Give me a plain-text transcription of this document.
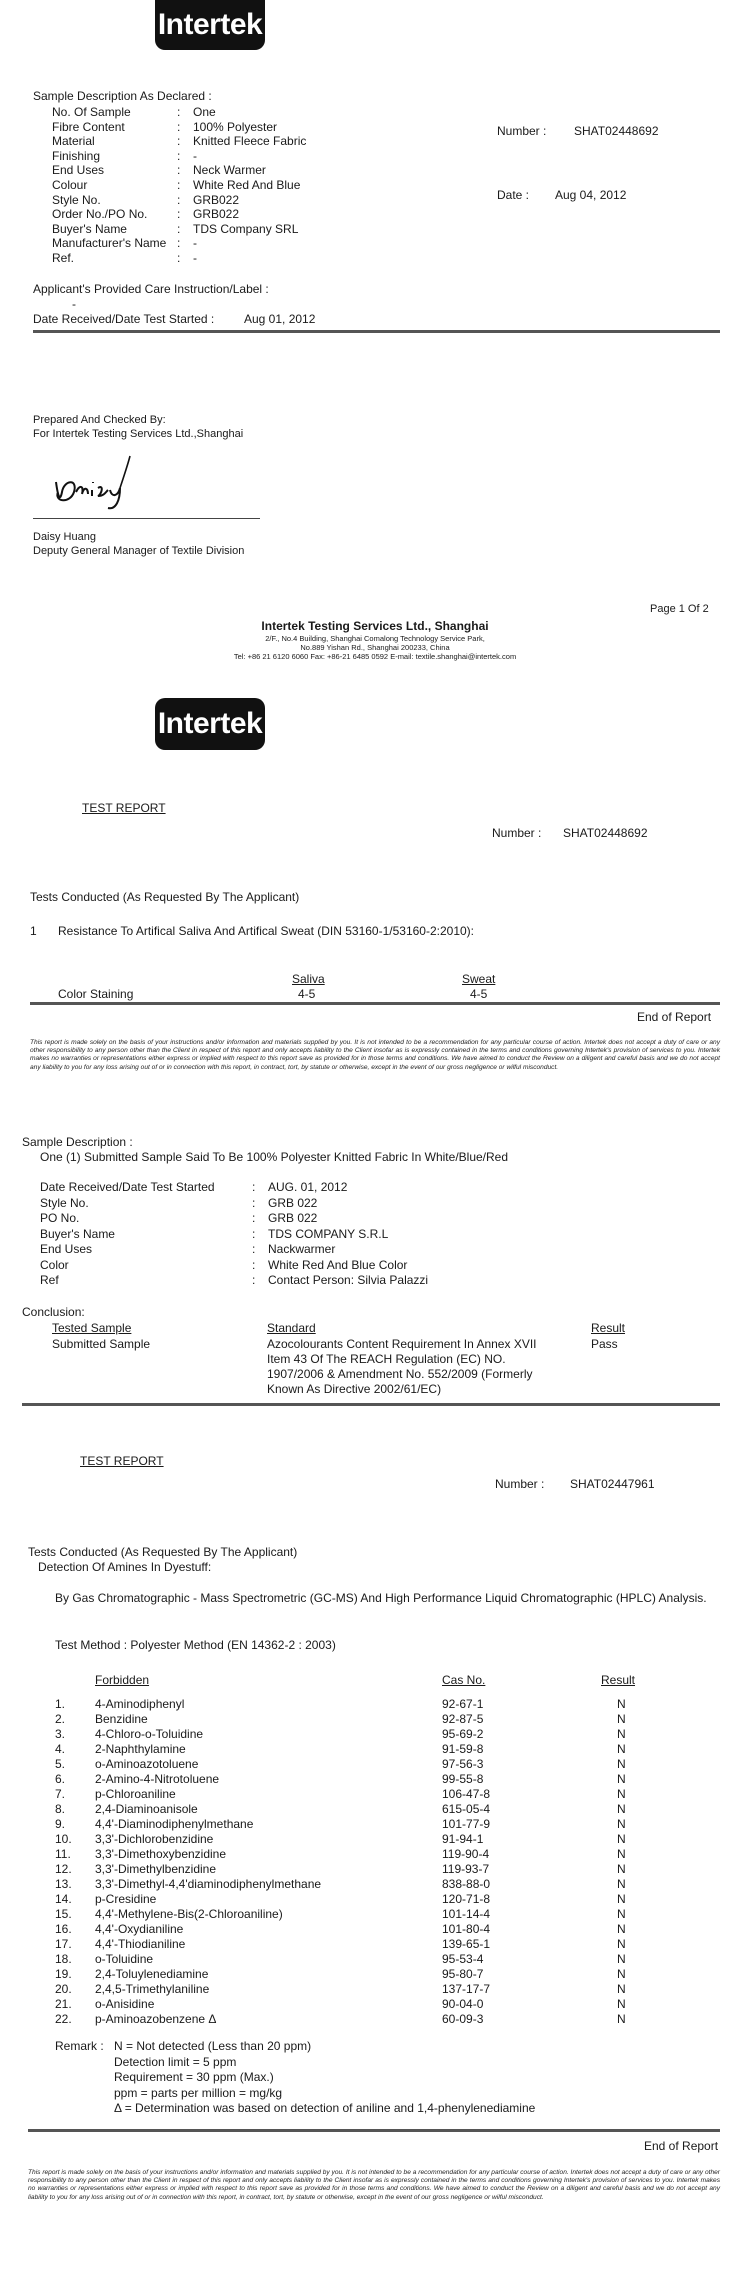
Intertek
Sample Description As Declared :
No. Of Sample	:	One
Fibre Content	:	100% Polyester
Material	:	Knitted Fleece Fabric
Finishing	:	-
End Uses	:	Neck Warmer
Colour	:	White Red And Blue
Style No.	:	GRB022
Order No./PO No.	:	GRB022
Buyer's Name	:	TDS Company SRL
Manufacturer's Name :	-
Ref.	:	-
Number : SHAT02448692
Date : Aug 04, 2012
Applicant's Provided Care Instruction/Label :
-
Date Received/Date Test Started : Aug 01, 2012
Prepared And Checked By:
For Intertek Testing Services Ltd.,Shanghai
Daisy Huang
Deputy General Manager of Textile Division
Page 1 Of 2
Intertek Testing Services Ltd., Shanghai
2/F., No.4 Building, Shanghai Comalong Technology Service Park,
No.889 Yishan Rd., Shanghai 200233, China
Tel: +86 21 6120 6060 Fax: +86-21 6485 0592 E-mail: textile.shanghai@intertek.com
Intertek
TEST REPORT
Number : SHAT02448692
Tests Conducted (As Requested By The Applicant)
1 Resistance To Artifical Saliva And Artifical Sweat (DIN 53160-1/53160-2:2010):
Saliva	Sweat
Color Staining	4-5	4-5
End of Report
This report is made solely on the basis of your instructions and/or information and materials supplied by you. It is not intended to be a recommendation for any particular course of action. Intertek does not accept a duty of care or any other responsibility to any person other than the Client in respect of this report and only accepts liability to the Client insofar as is expressly contained in the terms and conditions governing Intertek's provision of services to you. Intertek makes no warranties or representations either express or implied with respect to this report save as provided for in those terms and conditions. We have aimed to conduct the Review on a diligent and careful basis and we do not accept any liability to you for any loss arising out of or in connection with this report, in contract, tort, by statute or otherwise, except in the event of our gross negligence or wilful misconduct.
Sample Description :
One (1) Submitted Sample Said To Be 100% Polyester Knitted Fabric In White/Blue/Red
Date Received/Date Test Started	:	AUG. 01, 2012
Style No.	:	GRB 022
PO No.	:	GRB 022
Buyer's Name	:	TDS COMPANY S.R.L
End Uses	:	Nackwarmer
Color	:	White Red And Blue Color
Ref	:	Contact Person: Silvia Palazzi
Conclusion:
Tested Sample	Standard	Result
Submitted Sample	Azocolourants Content Requirement In Annex XVII
Item 43 Of The REACH Regulation (EC) NO.
1907/2006 & Amendment No. 552/2009 (Formerly
Known As Directive 2002/61/EC)
Pass
TEST REPORT
Number : SHAT02447961
Tests Conducted (As Requested By The Applicant)
Detection Of Amines In Dyestuff:
By Gas Chromatographic - Mass Spectrometric (GC-MS) And High Performance Liquid Chromatographic (HPLC) Analysis.
Test Method : Polyester Method (EN 14362-2 : 2003)
Forbidden	Cas No.	Result
1.	4-Aminodiphenyl	92-67-1	N
2.	Benzidine	92-87-5	N
3.	4-Chloro-o-Toluidine	95-69-2	N
4.	2-Naphthylamine	91-59-8	N
5.	o-Aminoazotoluene	97-56-3	N
6.	2-Amino-4-Nitrotoluene	99-55-8	N
7.	p-Chloroaniline	106-47-8	N
8.	2,4-Diaminoanisole	615-05-4	N
9.	4,4'-Diaminodiphenylmethane	101-77-9	N
10.	3,3'-Dichlorobenzidine	91-94-1	N
11.	3,3'-Dimethoxybenzidine	119-90-4	N
12.	3,3'-Dimethylbenzidine	119-93-7	N
13.	3,3'-Dimethyl-4,4'diaminodiphenylmethane	838-88-0	N
14.	p-Cresidine	120-71-8	N
15.	4,4'-Methylene-Bis(2-Chloroaniline)	101-14-4	N
16.	4,4'-Oxydianiline	101-80-4	N
17.	4,4'-Thiodianiline	139-65-1	N
18.	o-Toluidine	95-53-4	N
19.	2,4-Toluylenediamine	95-80-7	N
20.	2,4,5-Trimethylaniline	137-17-7	N
21.	o-Anisidine	90-04-0	N
22.	p-Aminoazobenzene Δ	60-09-3	N
Remark : N = Not detected (Less than 20 ppm)
Detection limit = 5 ppm
Requirement = 30 ppm (Max.)
ppm = parts per million = mg/kg
Δ = Determination was based on detection of aniline and 1,4-phenylenediamine
End of Report
This report is made solely on the basis of your instructions and/or information and materials supplied by you. It is not intended to be a recommendation for any particular course of action. Intertek does not accept a duty of care or any other responsibility to any person other than the Client in respect of this report and only accepts liability to the Client insofar as is expressly contained in the terms and conditions governing Intertek's provision of services to you. Intertek makes no warranties or representations either express or implied with respect to this report save as provided for in those terms and conditions. We have aimed to conduct the Review on a diligent and careful basis and we do not accept any liability to you for any loss arising out of or in connection with this report, in contract, tort, by statute or otherwise, except in the event of our gross negligence or wilful misconduct.
